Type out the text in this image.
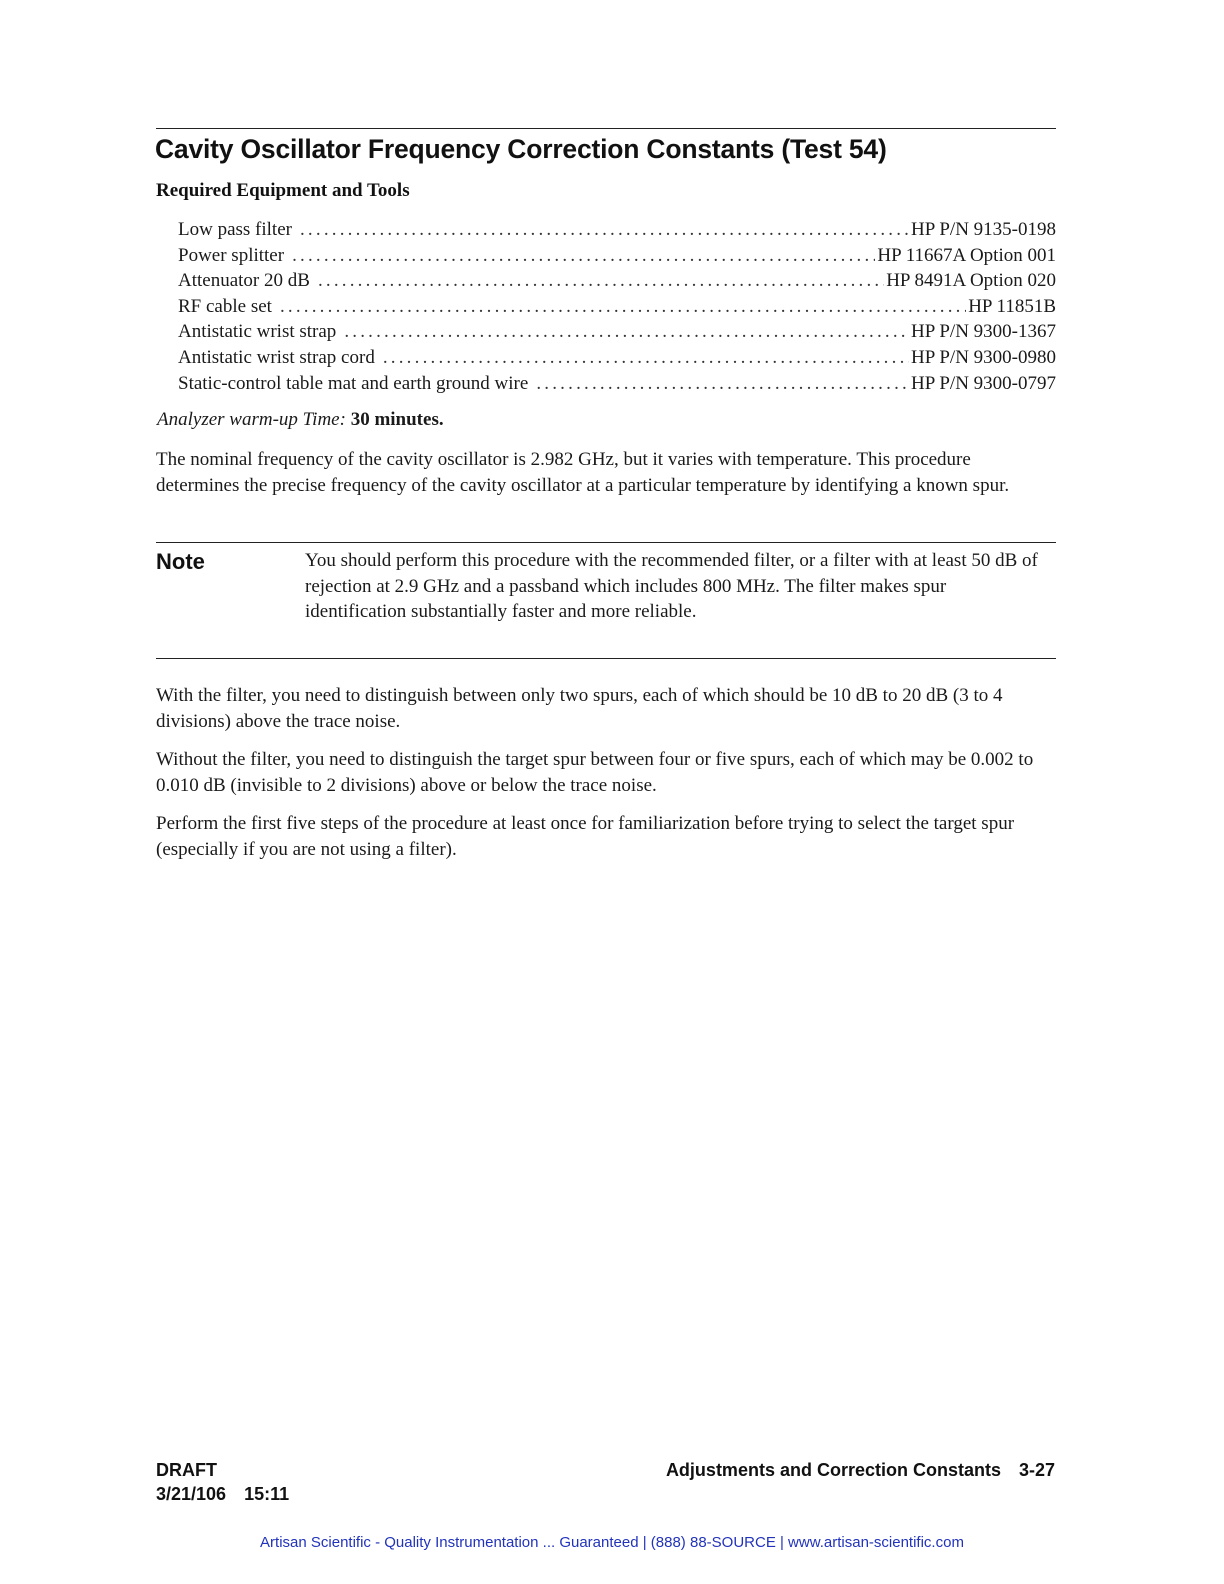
Cavity Oscillator Frequency Correction Constants (Test 54)
Required Equipment and Tools
Low pass filter .....	HP P/N 9135-0198
Power splitter .....	HP 11667A Option 001
Attenuator 20 dB .....	HP 8491A Option 020
RF cable set .....	HP 11851B
Antistatic wrist strap .....	HP P/N 9300-1367
Antistatic wrist strap cord .....	HP P/N 9300-0980
Static-control table mat and earth ground wire .....	HP P/N 9300-0797

Analyzer warm-up Time: 30 minutes.

The nominal frequency of the cavity oscillator is 2.982 GHz, but it varies with temperature. This procedure determines the precise frequency of the cavity oscillator at a particular temperature by identifying a known spur.

Note	You should perform this procedure with the recommended filter, or a filter with at least 50 dB of rejection at 2.9 GHz and a passband which includes 800 MHz. The filter makes spur identification substantially faster and more reliable.

With the filter, you need to distinguish between only two spurs, each of which should be 10 dB to 20 dB (3 to 4 divisions) above the trace noise.

Without the filter, you need to distinguish the target spur between four or five spurs, each of which may be 0.002 to 0.010 dB (invisible to 2 divisions) above or below the trace noise.

Perform the first five steps of the procedure at least once for familiarization before trying to select the target spur (especially if you are not using a filter).

DRAFT
3/21/106 15:11
Adjustments and Correction Constants 3-27
Artisan Scientific - Quality Instrumentation ... Guaranteed | (888) 88-SOURCE | www.artisan-scientific.com
